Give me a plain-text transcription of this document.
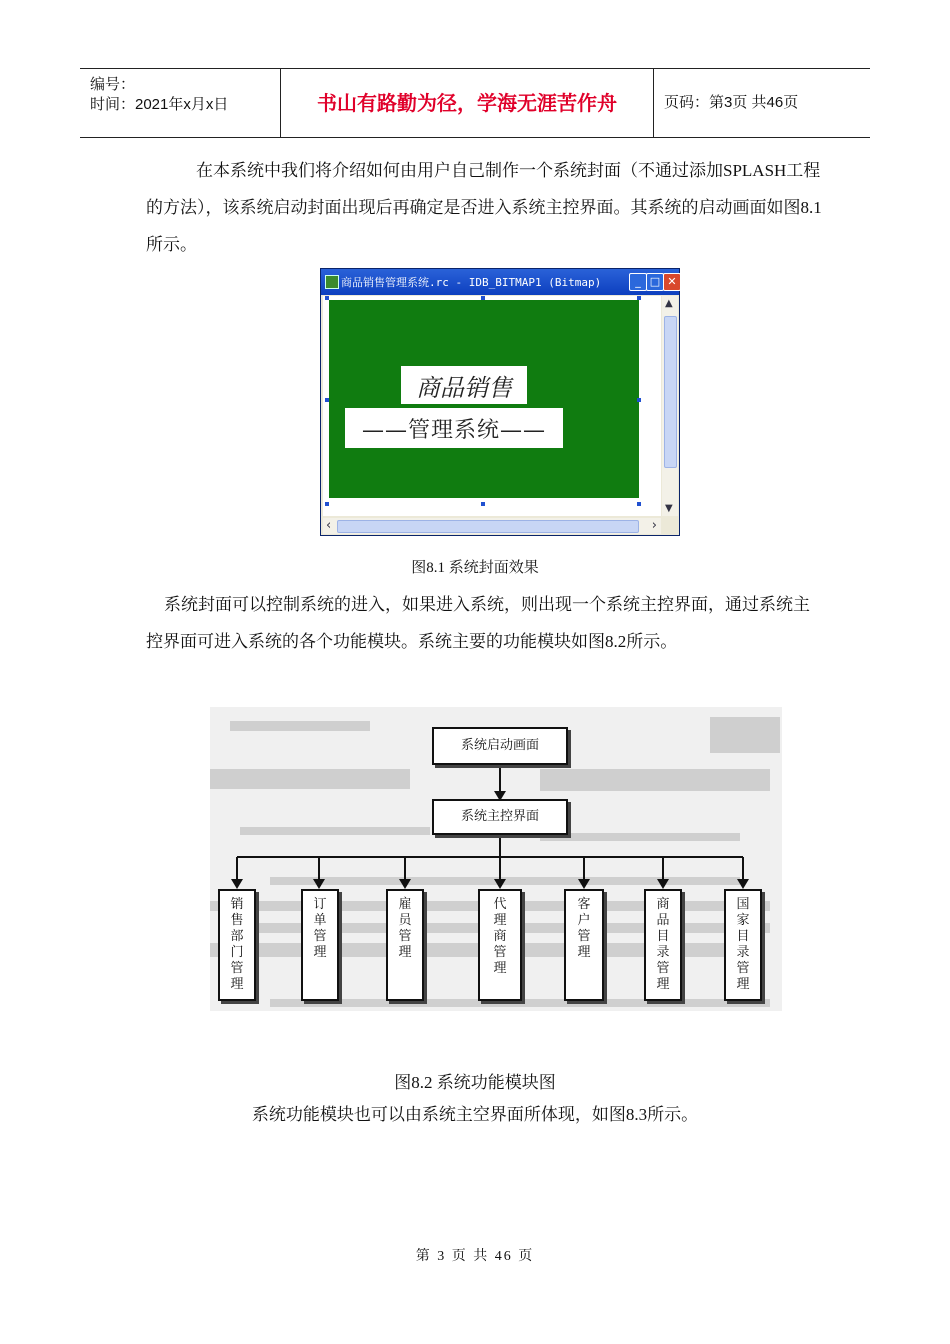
编号：
时间：2021年x月x日	书山有路勤为径，学海无涯苦作舟	页码：第3页 共46页
在本系统中我们将介绍如何由用户自己制作一个系统封面（不通过添加SPLASH工程的方法），该系统启动封面出现后再确定是否进入系统主控界面。其系统的启动画面如图8.1所示。
商品销售管理系统.rc - IDB_BITMAP1 (Bitmap)	_ □ ✕
商品销售
——管理系统——
▲
▼
‹	›
图8.1 系统封面效果
系统封面可以控制系统的进入，如果进入系统，则出现一个系统主控界面，通过系统主控界面可进入系统的各个功能模块。系统主要的功能模块如图8.2所示。
系统启动画面
系统主控界面
销售部门管理
订单管理
雇员管理
代理商管理
客户管理
商品目录管理
国家目录管理
图8.2 系统功能模块图
系统功能模块也可以由系统主空界面所体现，如图8.3所示。
第 3 页 共 46 页
